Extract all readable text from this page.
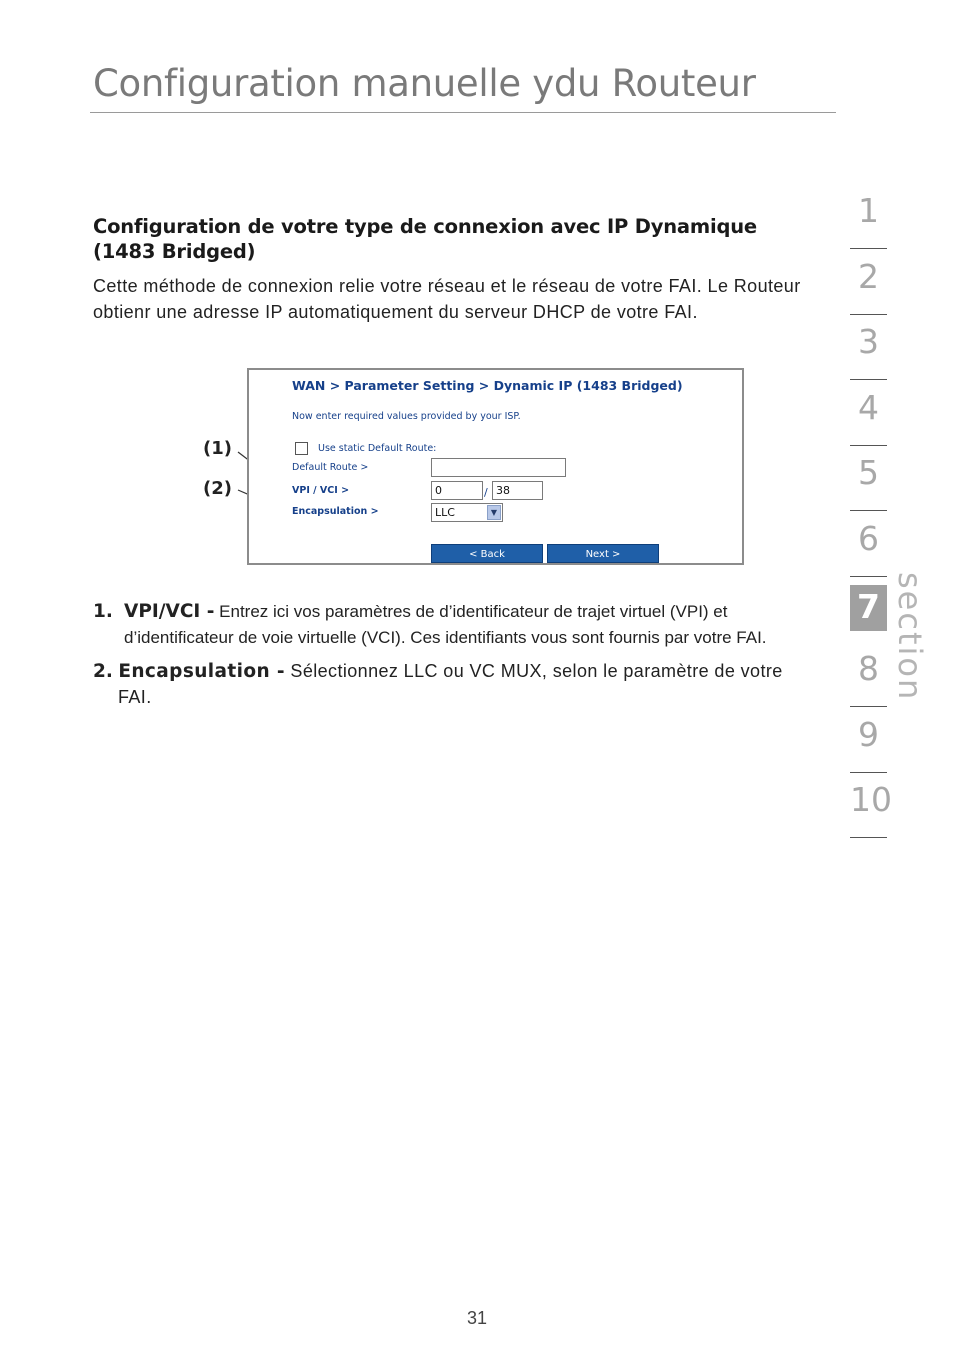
Configuration manuelle ydu Routeur
1
2
3
4
5
6
7
8
9
10
section
Configuration de votre type de connexion avec IP Dynamique (1483 Bridged)
Cette méthode de connexion relie votre réseau et le réseau de votre FAI. Le Routeur obtienr une adresse IP automatiquement du serveur DHCP de votre FAI.
(1)
(2)
WAN > Parameter Setting > Dynamic IP (1483 Bridged)
Now enter required values provided by your ISP.
Use static Default Route:
Default Route >
VPI / VCI >	0	/ 38
Encapsulation >	LLC	▼
< Back	Next >
1. VPI/VCI - Entrez ici vos paramètres de d’identificateur de trajet virtuel (VPI) et d’identificateur de voie virtuelle (VCI). Ces identifiants vous sont fournis par votre FAI.
2. Encapsulation - Sélectionnez LLC ou VC MUX, selon le paramètre de votre FAI.
31
